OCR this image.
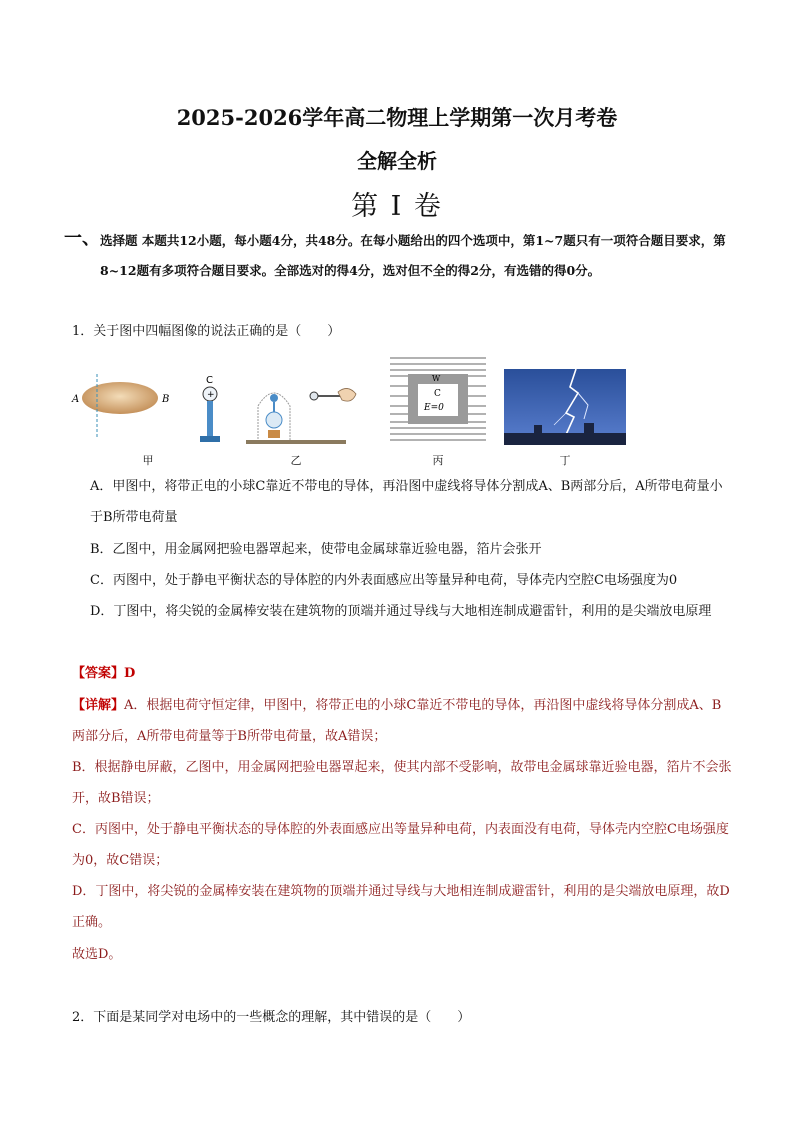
2025-2026学年高二物理上学期第一次月考卷
全解全析
第 I 卷
一、 选择题 本题共12小题，每小题4分，共48分。在每小题给出的四个选项中，第1~7题只有一项符合题目要求，第8~12题有多项符合题目要求。全部选对的得4分，选对但不全的得2分，有选错的得0分。
1．关于图中四幅图像的说法正确的是（　　）
A	B
C
+
W
C
E=0
甲	乙	丙	丁
A．甲图中，将带正电的小球C靠近不带电的导体，再沿图中虚线将导体分割成A、B两部分后，A所带电荷量小于B所带电荷量
B．乙图中，用金属网把验电器罩起来，使带电金属球靠近验电器，箔片会张开
C．丙图中，处于静电平衡状态的导体腔的内外表面感应出等量异种电荷，导体壳内空腔C电场强度为0
D．丁图中，将尖锐的金属棒安装在建筑物的顶端并通过导线与大地相连制成避雷针，利用的是尖端放电原理
【答案】D
【详解】A．根据电荷守恒定律，甲图中，将带正电的小球C靠近不带电的导体，再沿图中虚线将导体分割成A、B两部分后，A所带电荷量等于B所带电荷量，故A错误；
B．根据静电屏蔽，乙图中，用金属网把验电器罩起来，使其内部不受影响，故带电金属球靠近验电器，箔片不会张开，故B错误；
C．丙图中，处于静电平衡状态的导体腔的外表面感应出等量异种电荷，内表面没有电荷，导体壳内空腔C电场强度为0，故C错误；
D．丁图中，将尖锐的金属棒安装在建筑物的顶端并通过导线与大地相连制成避雷针，利用的是尖端放电原理，故D正确。
故选D。
2．下面是某同学对电场中的一些概念的理解，其中错误的是（　　）
